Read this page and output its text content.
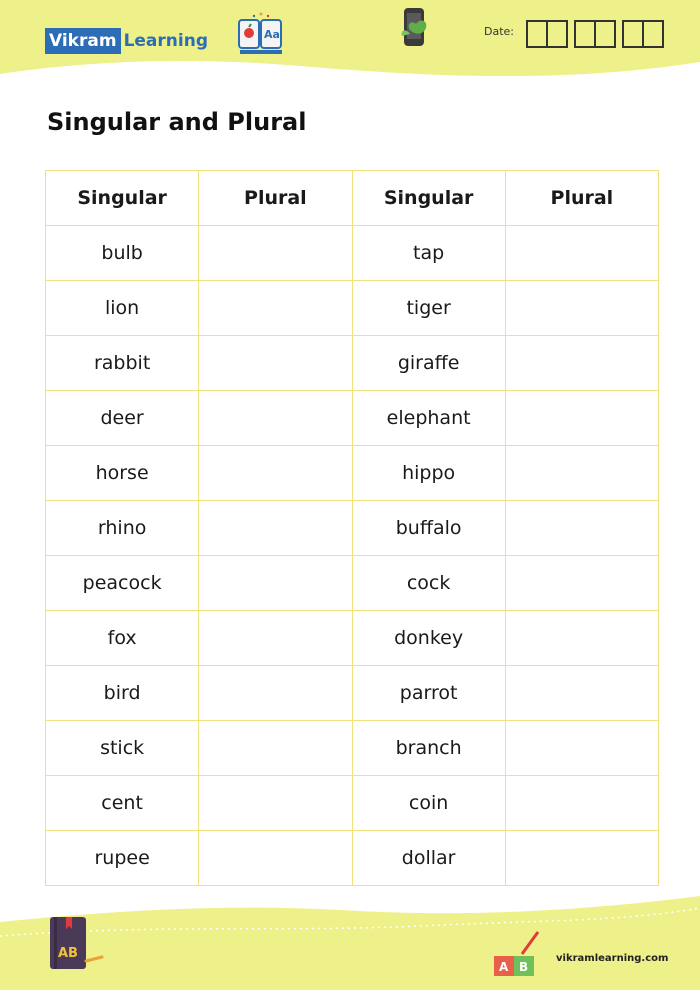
Vikram Learning	Aa	Date:
Singular and Plural
Singular	Plural	Singular	Plural
bulb		tap	
lion		tiger	
rabbit		giraffe	
deer		elephant	
horse		hippo	
rhino		buffalo	
peacock		cock	
fox		donkey	
bird		parrot	
stick		branch	
cent		coin	
rupee		dollar	
AB
A B
vikramlearning.com
